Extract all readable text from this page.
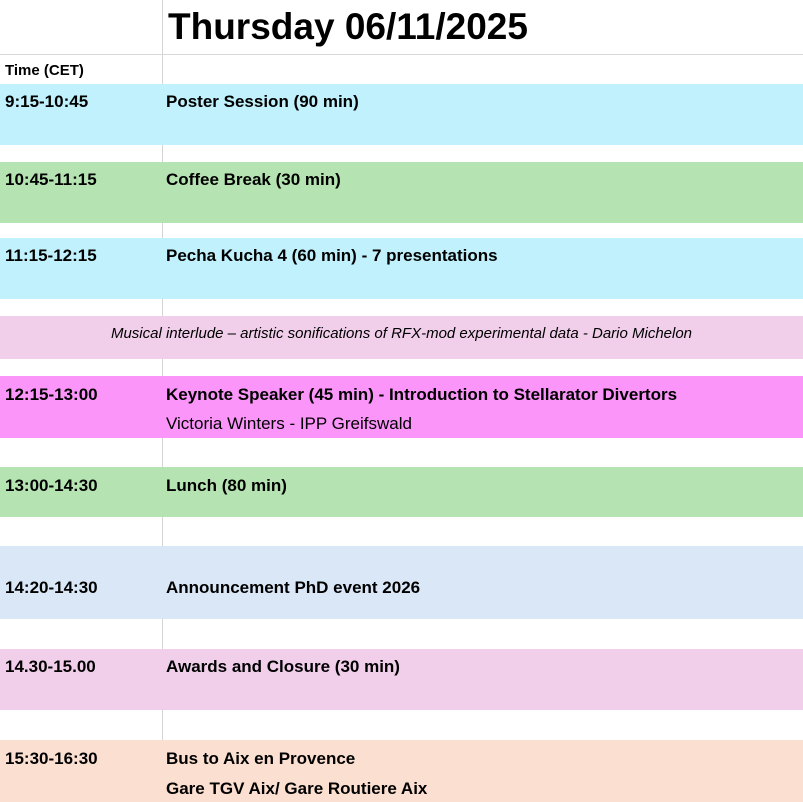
Thursday 06/11/2025
Time (CET)
9:15-10:45	Poster Session (90 min)
10:45-11:15	Coffee Break (30 min)
11:15-12:15	Pecha Kucha 4 (60 min) - 7 presentations
Musical interlude – artistic sonifications of RFX-mod experimental data - Dario Michelon
12:15-13:00	Keynote Speaker (45 min) - Introduction to Stellarator Divertors
Victoria Winters - IPP Greifswald
13:00-14:30	Lunch (80 min)
14:20-14:30	Announcement PhD event 2026
14.30-15.00	Awards and Closure (30 min)
15:30-16:30	Bus to Aix en Provence
Gare TGV Aix/ Gare Routiere Aix
